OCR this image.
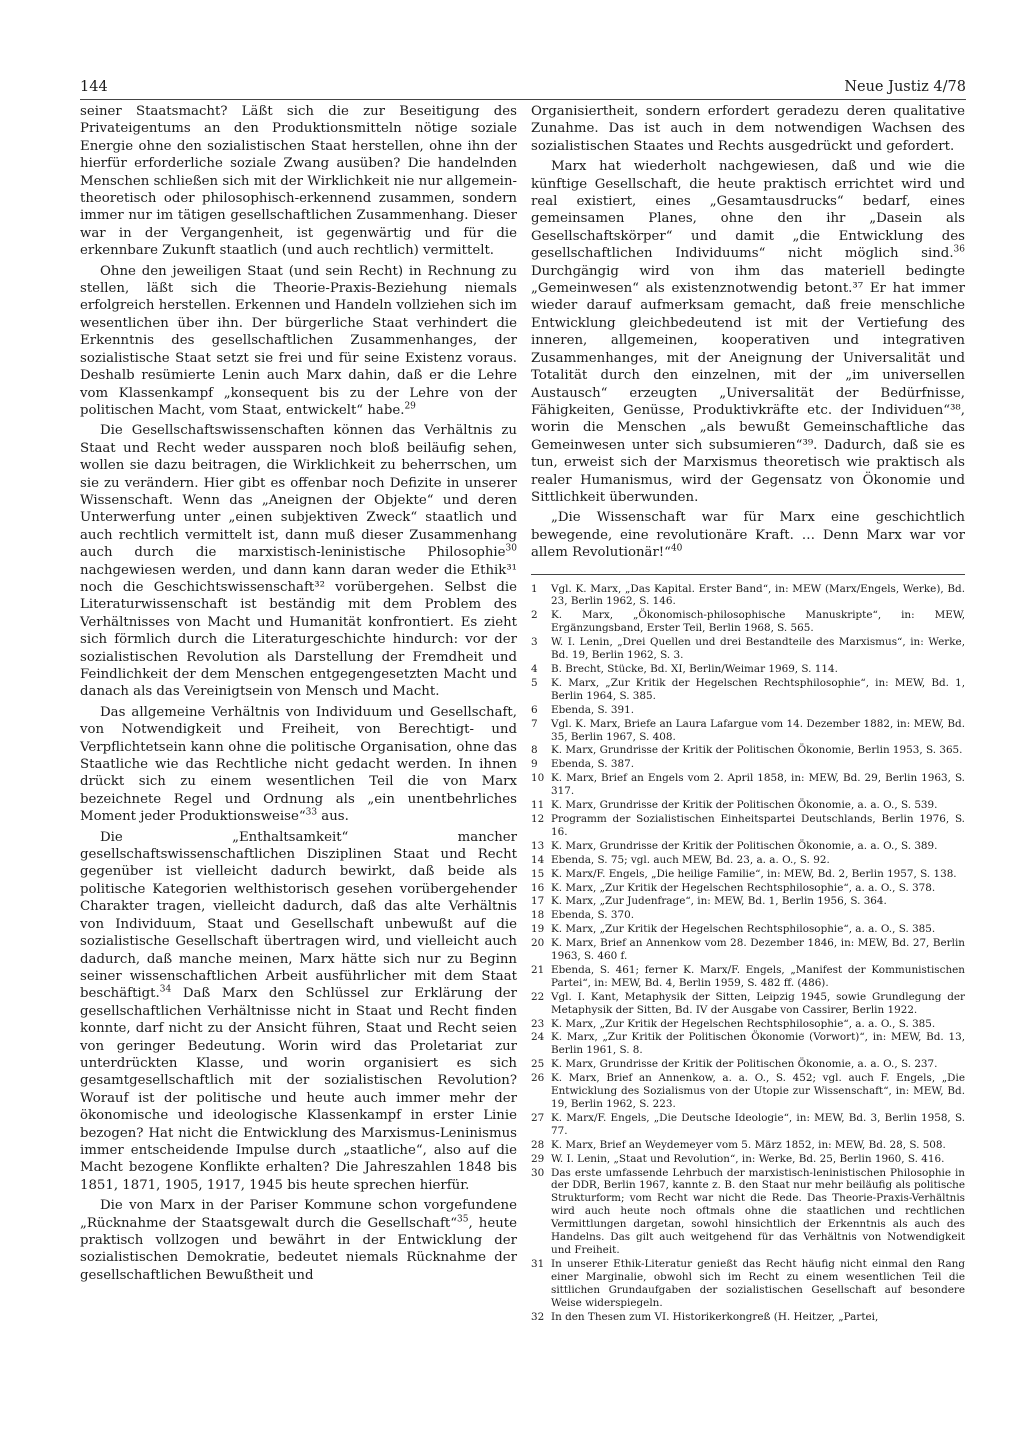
144	Neue Justiz 4/78

seiner Staatsmacht? Läßt sich die zur Beseitigung des Privateigentums an den Produktionsmitteln nötige soziale Energie ohne den sozialistischen Staat herstellen, ohne ihn der hierfür erforderliche soziale Zwang ausüben? Die handelnden Menschen schließen sich mit der Wirklichkeit nie nur allgemein-theoretisch oder philosophisch-erkennend zusammen, sondern immer nur im tätigen gesellschaftlichen Zusammenhang. Dieser war in der Vergangenheit, ist gegenwärtig und für die erkennbare Zukunft staatlich (und auch rechtlich) vermittelt.

Ohne den jeweiligen Staat (und sein Recht) in Rechnung zu stellen, läßt sich die Theorie-Praxis-Beziehung niemals erfolgreich herstellen. Erkennen und Handeln vollziehen sich im wesentlichen über ihn. Der bürgerliche Staat verhindert die Erkenntnis des gesellschaftlichen Zusammenhanges, der sozialistische Staat setzt sie frei und für seine Existenz voraus. Deshalb resümierte Lenin auch Marx dahin, daß er die Lehre vom Klassenkampf „konsequent bis zu der Lehre von der politischen Macht, vom Staat, entwickelt“ habe.$^{29}$

Die Gesellschaftswissenschaften können das Verhältnis zu Staat und Recht weder aussparen noch bloß beiläufig sehen, wollen sie dazu beitragen, die Wirklichkeit zu beherrschen, um sie zu verändern. Hier gibt es offenbar noch Defizite in unserer Wissenschaft. Wenn das „Aneignen der Objekte“ und deren Unterwerfung unter „einen subjektiven Zweck“ staatlich und auch rechtlich vermittelt ist, dann muß dieser Zusammenhang auch durch die marxistisch-leninistische Philosophie$^{30}$ nachgewiesen werden, und dann kann daran weder die Ethik³¹ noch die Geschichtswissenschaft³² vorübergehen. Selbst die Literaturwissenschaft ist beständig mit dem Problem des Verhältnisses von Macht und Humanität konfrontiert. Es zieht sich förmlich durch die Literaturgeschichte hindurch: vor der sozialistischen Revolution als Darstellung der Fremdheit und Feindlichkeit der dem Menschen entgegengesetzten Macht und danach als das Vereinigtsein von Mensch und Macht.

Das allgemeine Verhältnis von Individuum und Gesellschaft, von Notwendigkeit und Freiheit, von Berechtigt- und Verpflichtetsein kann ohne die politische Organisation, ohne das Staatliche wie das Rechtliche nicht gedacht werden. In ihnen drückt sich zu einem wesentlichen Teil die von Marx bezeichnete Regel und Ordnung als „ein unentbehrliches Moment jeder Produktionsweise“$^{33}$ aus.

Die „Enthaltsamkeit“ mancher gesellschaftswissenschaftlichen Disziplinen Staat und Recht gegenüber ist vielleicht dadurch bewirkt, daß beide als politische Kategorien welthistorisch gesehen vorübergehender Charakter tragen, vielleicht dadurch, daß das alte Verhältnis von Individuum, Staat und Gesellschaft unbewußt auf die sozialistische Gesellschaft übertragen wird, und vielleicht auch dadurch, daß manche meinen, Marx hätte sich nur zu Beginn seiner wissenschaftlichen Arbeit ausführlicher mit dem Staat beschäftigt.$^{34}$ Daß Marx den Schlüssel zur Erklärung der gesellschaftlichen Verhältnisse nicht in Staat und Recht finden konnte, darf nicht zu der Ansicht führen, Staat und Recht seien von geringer Bedeutung. Worin wird das Proletariat zur unterdrückten Klasse, und worin organisiert es sich gesamtgesellschaftlich mit der sozialistischen Revolution? Worauf ist der politische und heute auch immer mehr der ökonomische und ideologische Klassenkampf in erster Linie bezogen? Hat nicht die Entwicklung des Marxismus-Leninismus immer entscheidende Impulse durch „staatliche“, also auf die Macht bezogene Konflikte erhalten? Die Jahreszahlen 1848 bis 1851, 1871, 1905, 1917, 1945 bis heute sprechen hierfür.

Die von Marx in der Pariser Kommune schon vorgefundene „Rücknahme der Staatsgewalt durch die Gesellschaft“$^{35}$, heute praktisch vollzogen und bewährt in der Entwicklung der sozialistischen Demokratie, bedeutet niemals Rücknahme der gesellschaftlichen Bewußtheit und

Organisiertheit, sondern erfordert geradezu deren qualitative Zunahme. Das ist auch in dem notwendigen Wachsen des sozialistischen Staates und Rechts ausgedrückt und gefordert.

Marx hat wiederholt nachgewiesen, daß und wie die künftige Gesellschaft, die heute praktisch errichtet wird und real existiert, eines „Gesamtausdrucks“ bedarf, eines gemeinsamen Planes, ohne den ihr „Dasein als Gesellschaftskörper“ und damit „die Entwicklung des gesellschaftlichen Individuums“ nicht möglich sind.$^{36}$ Durchgängig wird von ihm das materiell bedingte „Gemeinwesen“ als existenznotwendig betont.³⁷ Er hat immer wieder darauf aufmerksam gemacht, daß freie menschliche Entwicklung gleichbedeutend ist mit der Vertiefung des inneren, allgemeinen, kooperativen und integrativen Zusammenhanges, mit der Aneignung der Universalität und Totalität durch den einzelnen, mit der „im universellen Austausch“ erzeugten „Universalität der Bedürfnisse, Fähigkeiten, Genüsse, Produktivkräfte etc. der Individuen“³⁸, worin die Menschen „als bewußt Gemeinschaftliche das Gemeinwesen unter sich subsumieren“³⁹. Dadurch, daß sie es tun, erweist sich der Marxismus theoretisch wie praktisch als realer Humanismus, wird der Gegensatz von Ökonomie und Sittlichkeit überwunden.

„Die Wissenschaft war für Marx eine geschichtlich bewegende, eine revolutionäre Kraft. … Denn Marx war vor allem Revolutionär!“$^{40}$

1	Vgl. K. Marx, „Das Kapital. Erster Band“, in: MEW (Marx/Engels, Werke), Bd. 23, Berlin 1962, S. 146.
2	K. Marx, „Ökonomisch-philosophische Manuskripte“, in: MEW, Ergänzungsband, Erster Teil, Berlin 1968, S. 565.
3	W. I. Lenin, „Drei Quellen und drei Bestandteile des Marxismus“, in: Werke, Bd. 19, Berlin 1962, S. 3.
4	B. Brecht, Stücke, Bd. XI, Berlin/Weimar 1969, S. 114.
5	K. Marx, „Zur Kritik der Hegelschen Rechtsphilosophie“, in: MEW, Bd. 1, Berlin 1964, S. 385.
6	Ebenda, S. 391.
7	Vgl. K. Marx, Briefe an Laura Lafargue vom 14. Dezember 1882, in: MEW, Bd. 35, Berlin 1967, S. 408.
8	K. Marx, Grundrisse der Kritik der Politischen Ökonomie, Berlin 1953, S. 365.
9	Ebenda, S. 387.
10 K. Marx, Brief an Engels vom 2. April 1858, in: MEW, Bd. 29, Berlin 1963, S. 317.
11 K. Marx, Grundrisse der Kritik der Politischen Ökonomie, a. a. O., S. 539.
12 Programm der Sozialistischen Einheitspartei Deutschlands, Berlin 1976, S. 16.
13 K. Marx, Grundrisse der Kritik der Politischen Ökonomie, a. a. O., S. 389.
14 Ebenda, S. 75; vgl. auch MEW, Bd. 23, a. a. O., S. 92.
15 K. Marx/F. Engels, „Die heilige Familie“, in: MEW, Bd. 2, Berlin 1957, S. 138.
16 K. Marx, „Zur Kritik der Hegelschen Rechtsphilosophie“, a. a. O., S. 378.
17 K. Marx, „Zur Judenfrage“, in: MEW, Bd. 1, Berlin 1956, S. 364.
18 Ebenda, S. 370.
19 K. Marx, „Zur Kritik der Hegelschen Rechtsphilosophie“, a. a. O., S. 385.
20 K. Marx, Brief an Annenkow vom 28. Dezember 1846, in: MEW, Bd. 27, Berlin 1963, S. 460 f.
21 Ebenda, S. 461; ferner K. Marx/F. Engels, „Manifest der Kommunistischen Partei“, in: MEW, Bd. 4, Berlin 1959, S. 482 ff. (486).
22 Vgl. I. Kant, Metaphysik der Sitten, Leipzig 1945, sowie Grundlegung der Metaphysik der Sitten, Bd. IV der Ausgabe von Cassirer, Berlin 1922.
23 K. Marx, „Zur Kritik der Hegelschen Rechtsphilosophie“, a. a. O., S. 385.
24 K. Marx, „Zur Kritik der Politischen Ökonomie (Vorwort)“, in: MEW, Bd. 13, Berlin 1961, S. 8.
25 K. Marx, Grundrisse der Kritik der Politischen Ökonomie, a. a. O., S. 237.
26 K. Marx, Brief an Annenkow, a. a. O., S. 452; vgl. auch F. Engels, „Die Entwicklung des Sozialismus von der Utopie zur Wissenschaft“, in: MEW, Bd. 19, Berlin 1962, S. 223.
27 K. Marx/F. Engels, „Die Deutsche Ideologie“, in: MEW, Bd. 3, Berlin 1958, S. 77.
28 K. Marx, Brief an Weydemeyer vom 5. März 1852, in: MEW, Bd. 28, S. 508.
29 W. I. Lenin, „Staat und Revolution“, in: Werke, Bd. 25, Berlin 1960, S. 416.
30 Das erste umfassende Lehrbuch der marxistisch-leninistischen Philosophie in der DDR, Berlin 1967, kannte z. B. den Staat nur mehr beiläufig als politische Strukturform; vom Recht war nicht die Rede. Das Theorie-Praxis-Verhältnis wird auch heute noch oftmals ohne die staatlichen und rechtlichen Vermittlungen dargetan, sowohl hinsichtlich der Erkenntnis als auch des Handelns. Das gilt auch weitgehend für das Verhältnis von Notwendigkeit und Freiheit.
31 In unserer Ethik-Literatur genießt das Recht häufig nicht einmal den Rang einer Marginalie, obwohl sich im Recht zu einem wesentlichen Teil die sittlichen Grundaufgaben der sozialistischen Gesellschaft auf besondere Weise widerspiegeln.
32 In den Thesen zum VI. Historikerkongreß (H. Heitzer, „Partei,
